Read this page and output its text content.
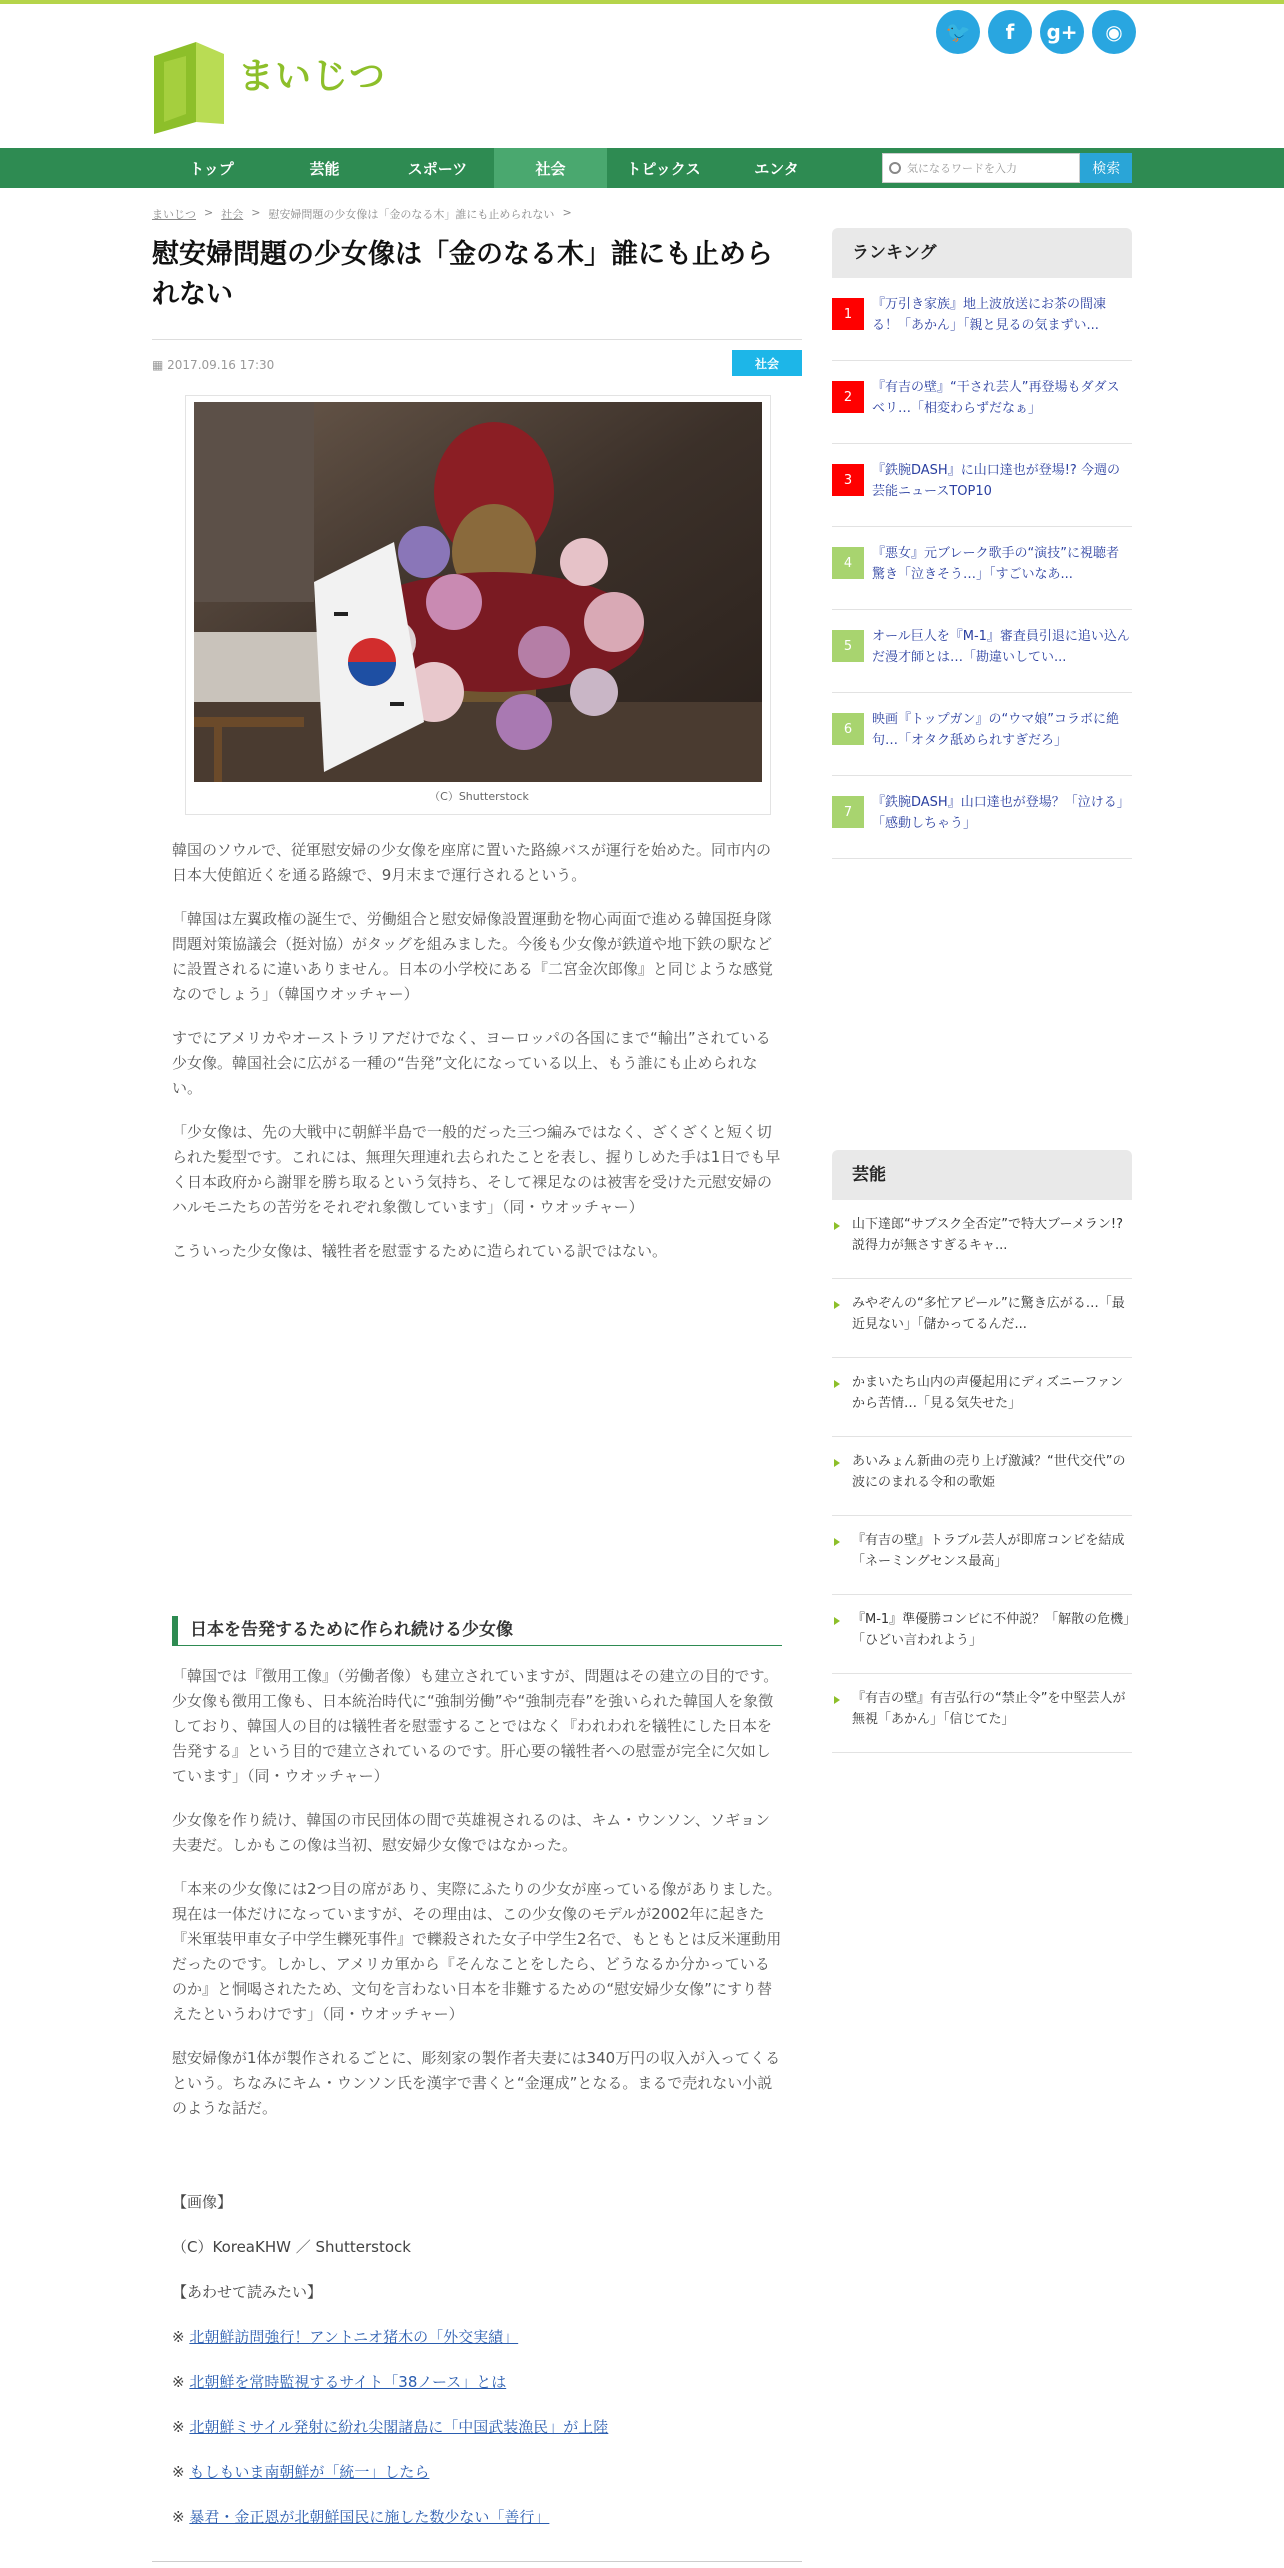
まいじつ
🐦	f	g+	◉
トップ	芸能	スポーツ	社会	トピックス	エンタ	気になるワードを入力	検索
まいじつ > 社会 > 慰安婦問題の少女像は「金のなる木」誰にも止められない >
慰安婦問題の少女像は「金のなる木」誰にも止められない
▦ 2017.09.16 17:30	社会
（C）Shutterstock

韓国のソウルで、従軍慰安婦の少女像を座席に置いた路線バスが運行を始めた。同市内の日本大使館近くを通る路線で、9月末まで運行されるという。

「韓国は左翼政権の誕生で、労働組合と慰安婦像設置運動を物心両面で進める韓国挺身隊問題対策協議会（挺対協）がタッグを組みました。今後も少女像が鉄道や地下鉄の駅などに設置されるに違いありません。日本の小学校にある『二宮金次郎像』と同じような感覚なのでしょう」（韓国ウオッチャー）

すでにアメリカやオーストラリアだけでなく、ヨーロッパの各国にまで“輸出”されている少女像。韓国社会に広がる一種の“告発”文化になっている以上、もう誰にも止められない。

「少女像は、先の大戦中に朝鮮半島で一般的だった三つ編みではなく、ざくざくと短く切られた髪型です。これには、無理矢理連れ去られたことを表し、握りしめた手は1日でも早く日本政府から謝罪を勝ち取るという気持ち、そして裸足なのは被害を受けた元慰安婦のハルモニたちの苦労をそれぞれ象徴しています」（同・ウオッチャー）

こういった少女像は、犠牲者を慰霊するために造られている訳ではない。

日本を告発するために作られ続ける少女像

「韓国では『徴用工像』（労働者像）も建立されていますが、問題はその建立の目的です。少女像も徴用工像も、日本統治時代に“強制労働”や“強制売春”を強いられた韓国人を象徴しており、韓国人の目的は犠牲者を慰霊することではなく『われわれを犠牲にした日本を告発する』という目的で建立されているのです。肝心要の犠牲者への慰霊が完全に欠如しています」（同・ウオッチャー）

少女像を作り続け、韓国の市民団体の間で英雄視されるのは、キム・ウンソン、ソギョン夫妻だ。しかもこの像は当初、慰安婦少女像ではなかった。

「本来の少女像には2つ目の席があり、実際にふたりの少女が座っている像がありました。現在は一体だけになっていますが、その理由は、この少女像のモデルが2002年に起きた『米軍装甲車女子中学生轢死事件』で轢殺された女子中学生2名で、もともとは反米運動用だったのです。しかし、アメリカ軍から『そんなことをしたら、どうなるか分かっているのか』と恫喝されたため、文句を言わない日本を非難するための“慰安婦少女像”にすり替えたというわけです」（同・ウオッチャー）

慰安婦像が1体が製作されるごとに、彫刻家の製作者夫妻には340万円の収入が入ってくるという。ちなみにキム・ウンソン氏を漢字で書くと“金運成”となる。まるで売れない小説のような話だ。

【画像】
（C）KoreaKHW ／ Shutterstock
【あわせて読みたい】
※ 北朝鮮訪問強行！アントニオ猪木の「外交実績」
※ 北朝鮮を常時監視するサイト「38ノース」とは
※ 北朝鮮ミサイル発射に紛れ尖閣諸島に「中国武装漁民」が上陸
※ もしもいま南朝鮮が「統一」したら
※ 暴君・金正恩が北朝鮮国民に施した数少ない「善行」
ランキング
1
『万引き家族』地上波放送にお茶の間凍る！「あかん」「親と見るの気まずい...
2
『有吉の壁』“干され芸人”再登場もダダスベリ…「相変わらずだなぁ」
3
『鉄腕DASH』に山口達也が登場!? 今週の芸能ニュースTOP10
4
『悪女』元ブレーク歌手の“演技”に視聴者驚き「泣きそう…」「すごいなあ...
5
オール巨人を『M-1』審査員引退に追い込んだ漫才師とは…「勘違いしてい...
6
映画『トップガン』の“ウマ娘”コラボに絶句…「オタク舐められすぎだろ」
7
『鉄腕DASH』山口達也が登場？「泣ける」「感動しちゃう」
芸能
山下達郎“サブスク全否定”で特大ブーメラン!? 説得力が無さすぎるキャ...
みやぞんの“多忙アピール”に驚き広がる…「最近見ない」「儲かってるんだ...
かまいたち山内の声優起用にディズニーファンから苦情…「見る気失せた」
あいみょん新曲の売り上げ激減？“世代交代”の波にのまれる令和の歌姫
『有吉の壁』トラブル芸人が即席コンビを結成「ネーミングセンス最高」
『M-1』準優勝コンビに不仲説？「解散の危機」「ひどい言われよう」
『有吉の壁』有吉弘行の“禁止令”を中堅芸人が無視「あかん」「信じてた」
